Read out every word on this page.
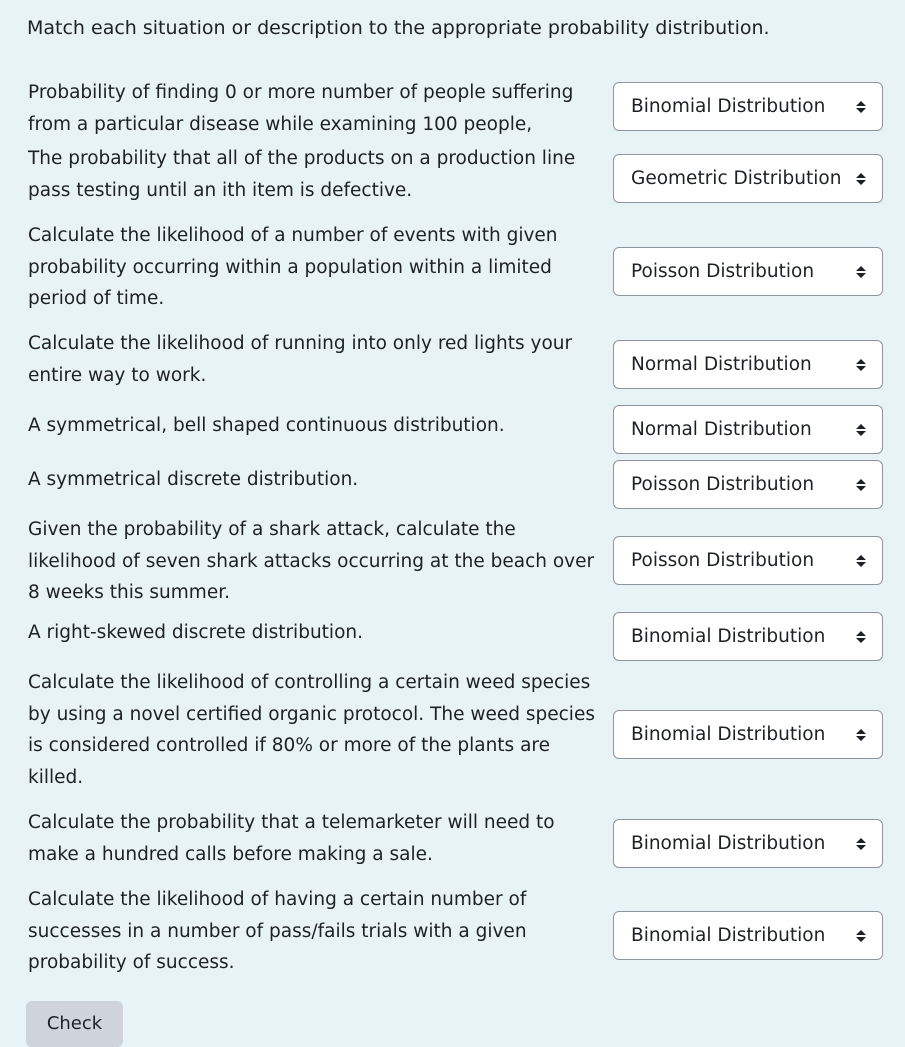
Match each situation or description to the appropriate probability distribution.
Probability of finding 0 or more number of people suffering
from a particular disease while examining 100 people,
Binomial Distribution
The probability that all of the products on a production line
pass testing until an ith item is defective.
Geometric Distribution
Calculate the likelihood of a number of events with given
probability occurring within a population within a limited
period of time.
Poisson Distribution
Calculate the likelihood of running into only red lights your
entire way to work.
Normal Distribution
A symmetrical, bell shaped continuous distribution.	Normal Distribution
A symmetrical discrete distribution.	Poisson Distribution
Given the probability of a shark attack, calculate the
likelihood of seven shark attacks occurring at the beach over
8 weeks this summer.
Poisson Distribution
A right-skewed discrete distribution.	Binomial Distribution
Calculate the likelihood of controlling a certain weed species
by using a novel certified organic protocol. The weed species
is considered controlled if 80% or more of the plants are
killed.
Binomial Distribution
Calculate the probability that a telemarketer will need to
make a hundred calls before making a sale.
Binomial Distribution
Calculate the likelihood of having a certain number of
successes in a number of pass/fails trials with a given
probability of success.
Binomial Distribution
Check
